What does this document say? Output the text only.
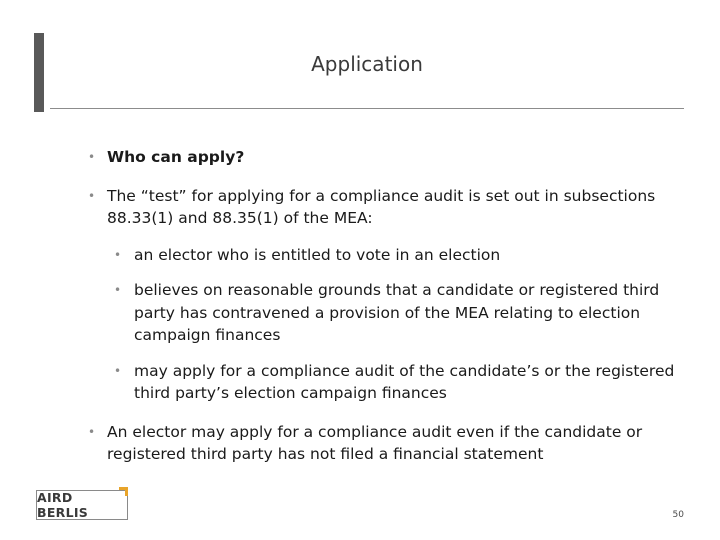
Application
• Who can apply?
• The “test” for applying for a compliance audit is set out in subsections 88.33(1) and 88.35(1) of the MEA:
• an elector who is entitled to vote in an election
• believes on reasonable grounds that a candidate or registered third party has contravened a provision of the MEA relating to election campaign finances
• may apply for a compliance audit of the candidate’s or the registered third party’s election campaign finances
• An elector may apply for a compliance audit even if the candidate or registered third party has not filed a financial statement
AIRD BERLIS	50
